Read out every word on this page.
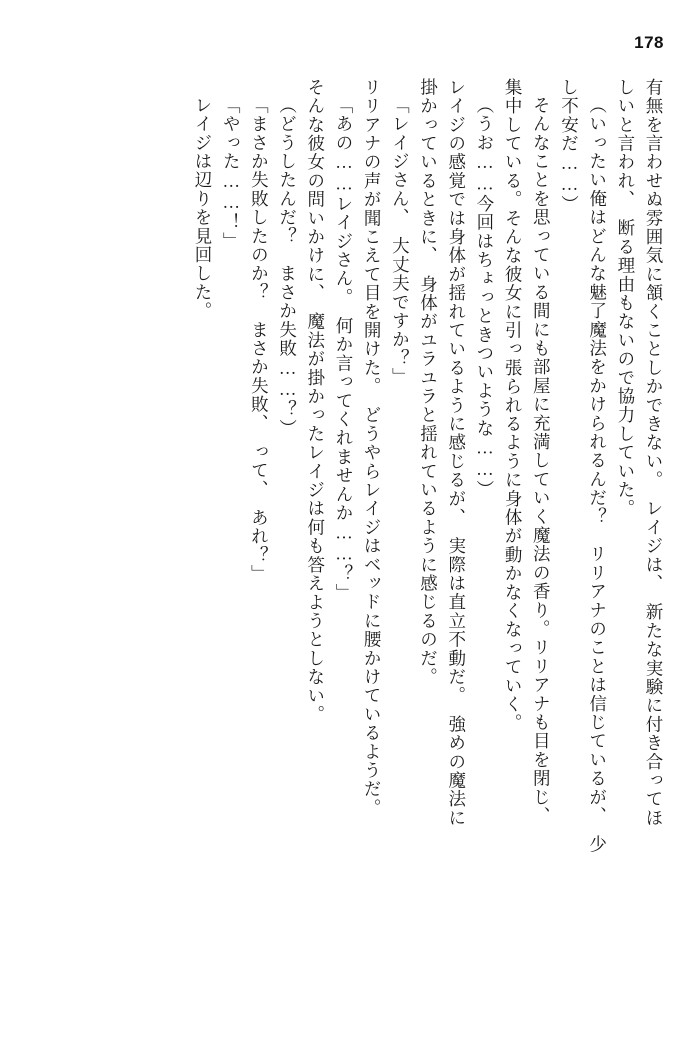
178
有無を言わせぬ雰囲気に頷くことしかできない。　レイジは、　新たな実験に付き合ってほ
しいと言われ、　断る理由もないので協力していた。
（いったい俺はどんな魅了魔法をかけられるんだ？　リリアナのことは信じているが、　少
し不安だ……）
そんなことを思っている間にも部屋に充満していく魔法の香り。リリアナも目を閉じ、
集中している。そんな彼女に引っ張られるように身体が動かなくなっていく。
（うお……今回はちょっときついような……）
レイジの感覚では身体が揺れているように感じるが、　実際は直立不動だ。　強めの魔法に
掛かっているときに、　身体がユラユラと揺れているように感じるのだ。
「レイジさん、　大丈夫ですか？」
リリアナの声が聞こえて目を開けた。　どうやらレイジはベッドに腰かけているようだ。
「あの……レイジさん。　何か言ってくれませんか……？」
そんな彼女の問いかけに、　魔法が掛かったレイジは何も答えようとしない。
（どうしたんだ？　まさか失敗……？）
「まさか失敗したのか？　まさか失敗、　って、　あれ？」
「やった……！」
レイジは辺りを見回した。
